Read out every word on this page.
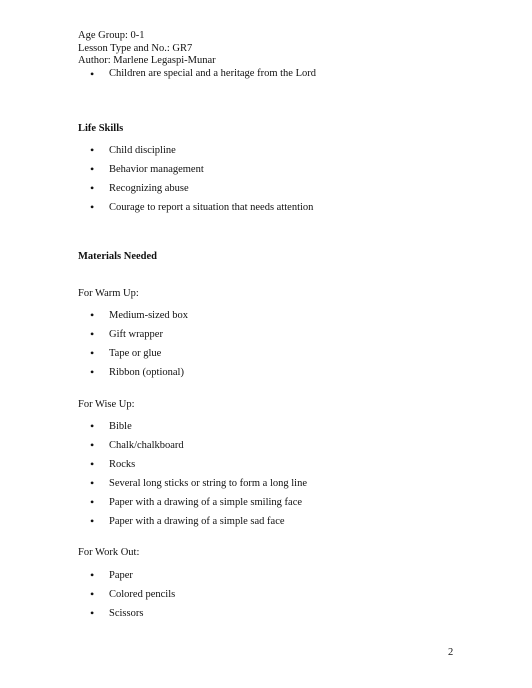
Age Group: 0-1
Lesson Type and No.: GR7
Author: Marlene Legaspi-Munar
• Children are special and a heritage from the Lord
Life Skills
• Child discipline
• Behavior management
• Recognizing abuse
• Courage to report a situation that needs attention
Materials Needed
For Warm Up:
• Medium-sized box
• Gift wrapper
• Tape or glue
• Ribbon (optional)
For Wise Up:
• Bible
• Chalk/chalkboard
• Rocks
• Several long sticks or string to form a long line
• Paper with a drawing of a simple smiling face
• Paper with a drawing of a simple sad face
For Work Out:
• Paper
• Colored pencils
• Scissors
2
